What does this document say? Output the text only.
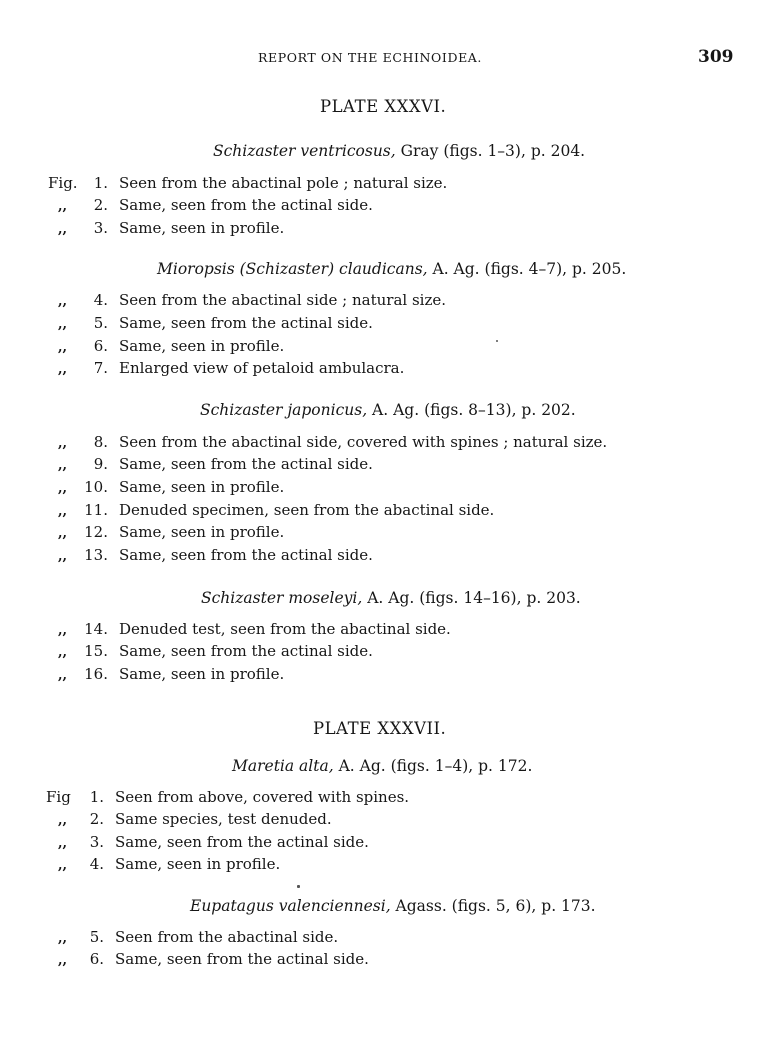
REPORT ON THE ECHINOIDEA.	309
PLATE XXXVI.
Schizaster ventricosus, Gray (figs. 1–3), p. 204.
Fig. 1. Seen from the abactinal pole ; natural size.
,, 2. Same, seen from the actinal side.
,, 3. Same, seen in profile.
Mioropsis (Schizaster) claudicans, A. Ag. (figs. 4–7), p. 205.
,, 4. Seen from the abactinal side ; natural size.
,, 5. Same, seen from the actinal side.
,, 6. Same, seen in profile.
,, 7. Enlarged view of petaloid ambulacra.
Schizaster japonicus, A. Ag. (figs. 8–13), p. 202.
,, 8. Seen from the abactinal side, covered with spines ; natural size.
,, 9. Same, seen from the actinal side.
,, 10. Same, seen in profile.
,, 11. Denuded specimen, seen from the abactinal side.
,, 12. Same, seen in profile.
,, 13. Same, seen from the actinal side.
Schizaster moseleyi, A. Ag. (figs. 14–16), p. 203.
,, 14. Denuded test, seen from the abactinal side.
,, 15. Same, seen from the actinal side.
,, 16. Same, seen in profile.
PLATE XXXVII.
Maretia alta, A. Ag. (figs. 1–4), p. 172.
Fig 1. Seen from above, covered with spines.
,, 2. Same species, test denuded.
,, 3. Same, seen from the actinal side.
,, 4. Same, seen in profile.
Eupatagus valenciennesi, Agass. (figs. 5, 6), p. 173.
,, 5. Seen from the abactinal side.
,, 6. Same, seen from the actinal side.
